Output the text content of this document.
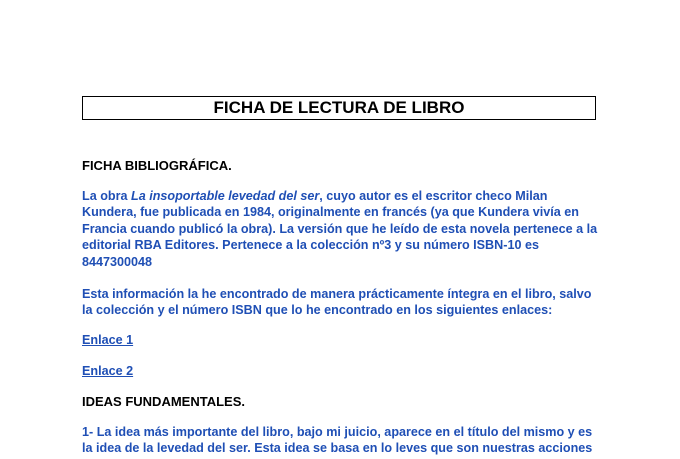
FICHA DE LECTURA DE LIBRO
FICHA BIBLIOGRÁFICA.

La obra La insoportable levedad del ser, cuyo autor es el escritor checo Milan Kundera, fue publicada en 1984, originalmente en francés (ya que Kundera vivía en Francia cuando publicó la obra). La versión que he leído de esta novela pertenece a la editorial RBA Editores. Pertenece a la colección nº3 y su número ISBN-10 es 8447300048

Esta información la he encontrado de manera prácticamente íntegra en el libro, salvo la colección y el número ISBN que lo he encontrado en los siguientes enlaces:

Enlace 1
Enlace 2
IDEAS FUNDAMENTALES.

1- La idea más importante del libro, bajo mi juicio, aparece en el título del mismo y es la idea de la levedad del ser. Esta idea se basa en lo leves que son nuestras acciones
